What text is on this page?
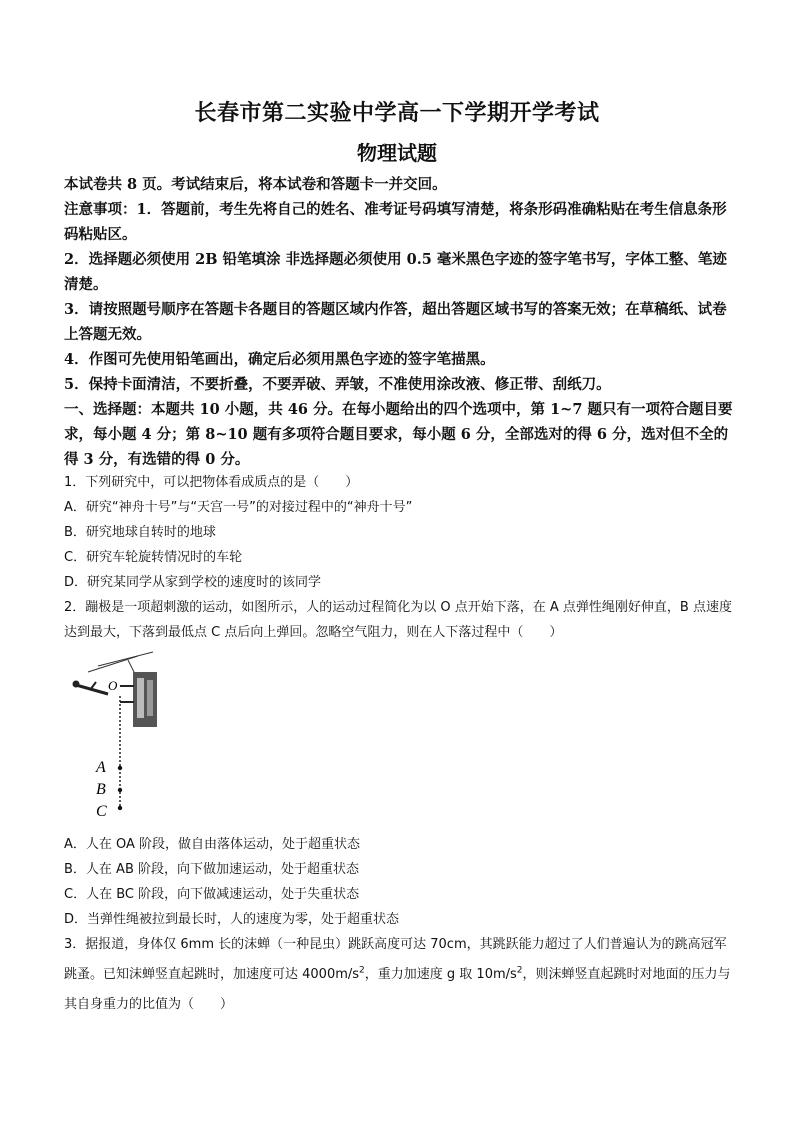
长春市第二实验中学高一下学期开学考试
物理试题

本试卷共 8 页。考试结束后，将本试卷和答题卡一并交回。

注意事项：1．答题前，考生先将自己的姓名、准考证号码填写清楚，将条形码准确粘贴在考生信息条形码粘贴区。

2．选择题必须使用 2B 铅笔填涂 非选择题必须使用 0.5 毫米黑色字迹的签字笔书写，字体工整、笔迹清楚。

3．请按照题号顺序在答题卡各题目的答题区域内作答，超出答题区域书写的答案无效；在草稿纸、试卷上答题无效。

4．作图可先使用铅笔画出，确定后必须用黑色字迹的签字笔描黑。

5．保持卡面清洁，不要折叠，不要弄破、弄皱，不准使用涂改液、修正带、刮纸刀。

一、选择题：本题共 10 小题，共 46 分。在每小题给出的四个选项中，第 1~7 题只有一项符合题目要求，每小题 4 分；第 8~10 题有多项符合题目要求，每小题 6 分，全部选对的得 6 分，选对但不全的得 3 分，有选错的得 0 分。

1．下列研究中，可以把物体看成质点的是（　　）

A．研究“神舟十号”与“天宫一号”的对接过程中的“神舟十号”

B．研究地球自转时的地球

C．研究车轮旋转情况时的车轮

D．研究某同学从家到学校的速度时的该同学

2．蹦极是一项超刺激的运动，如图所示，人的运动过程简化为以 O 点开始下落，在 A 点弹性绳刚好伸直，B 点速度达到最大，下落到最低点 C 点后向上弹回。忽略空气阻力，则在人下落过程中（　　）

O
A
B
C

A．人在 OA 阶段，做自由落体运动，处于超重状态

B．人在 AB 阶段，向下做加速运动，处于超重状态

C．人在 BC 阶段，向下做减速运动，处于失重状态

D．当弹性绳被拉到最长时，人的速度为零，处于超重状态

3．据报道，身体仅 6mm 长的沫蝉（一种昆虫）跳跃高度可达 70cm，其跳跃能力超过了人们普遍认为的跳高冠军跳蚤。已知沫蝉竖直起跳时，加速度可达 $4000m/s^2$，重力加速度 g 取 $10m/s^2$，则沫蝉竖直起跳时对地面的压力与其自身重力的比值为（　　）
